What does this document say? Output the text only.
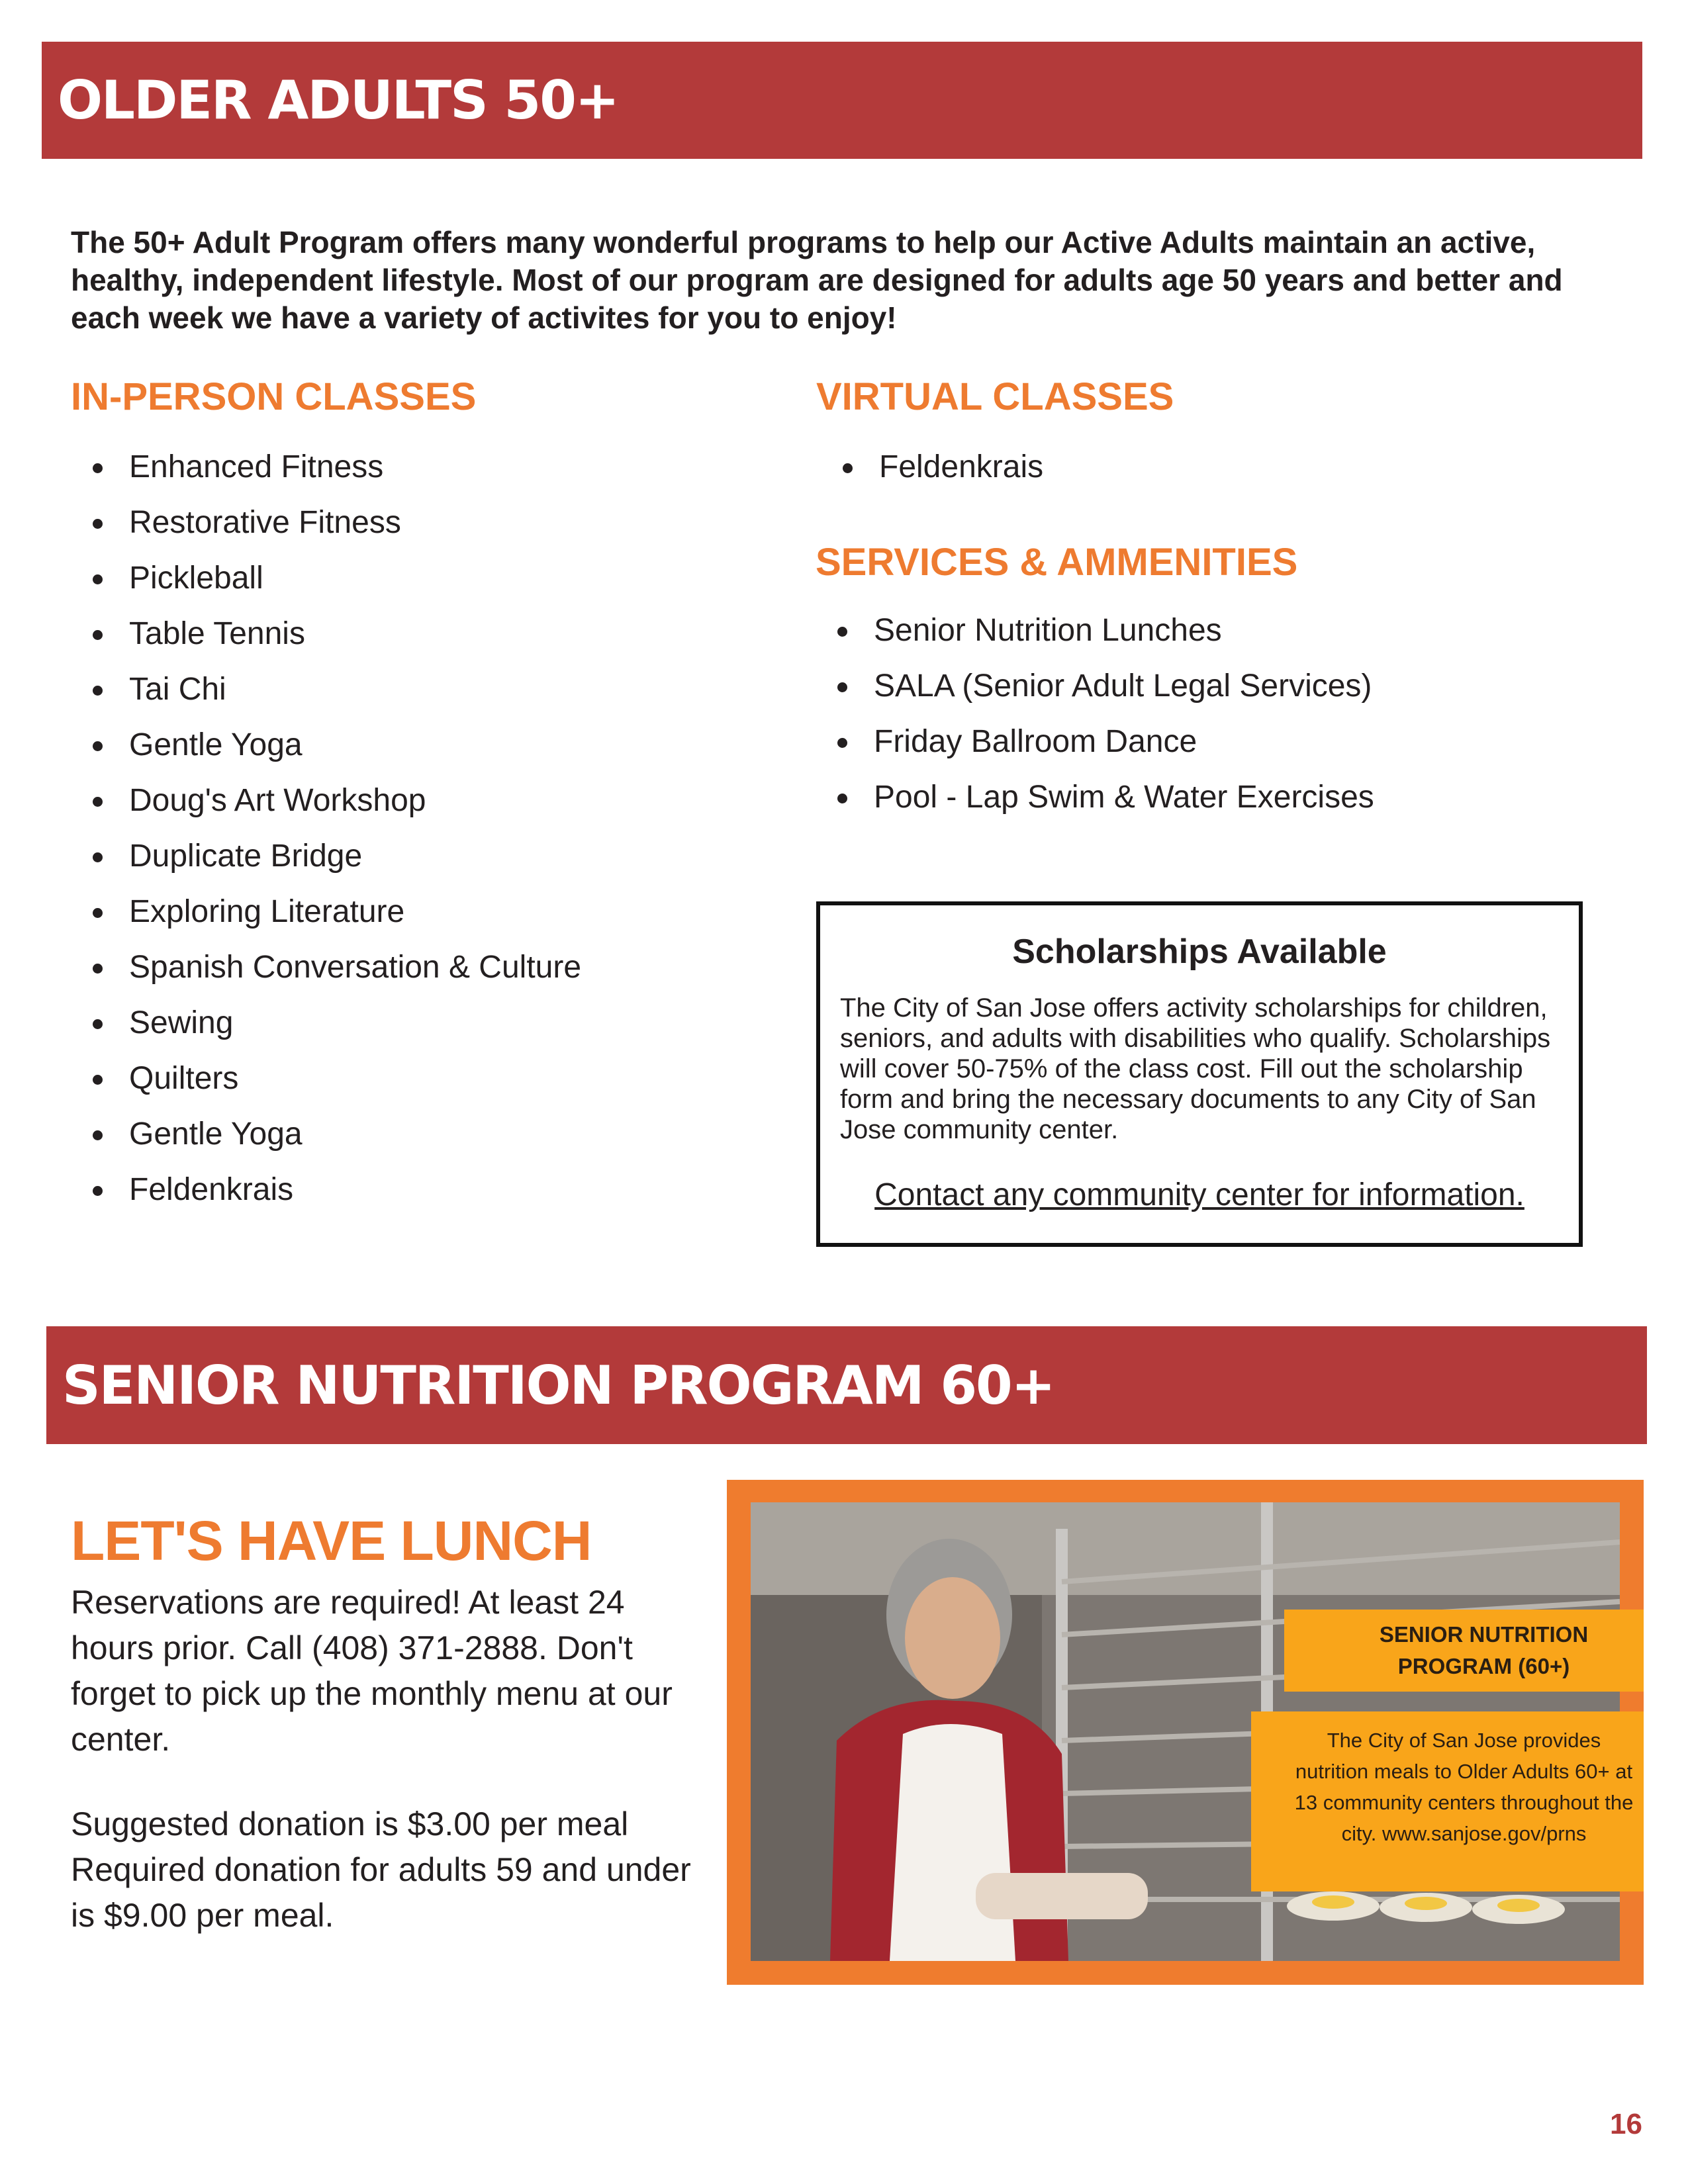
OLDER ADULTS 50+

The 50+ Adult Program offers many wonderful programs to help our Active Adults maintain an active, healthy, independent lifestyle. Most of our program are designed for adults age 50 years and better and each week we have a variety of activites for you to enjoy!

IN-PERSON CLASSES
Enhanced Fitness
Restorative Fitness
Pickleball
Table Tennis
Tai Chi
Gentle Yoga
Doug's Art Workshop
Duplicate Bridge
Exploring Literature
Spanish Conversation & Culture
Sewing
Quilters
Gentle Yoga
Feldenkrais
VIRTUAL CLASSES
Feldenkrais
SERVICES & AMMENITIES
Senior Nutrition Lunches
SALA (Senior Adult Legal Services)
Friday Ballroom Dance
Pool - Lap Swim & Water Exercises

Scholarships Available

The City of San Jose offers activity scholarships for children, seniors, and adults with disabilities who qualify. Scholarships will cover 50-75% of the class cost. Fill out the scholarship form and bring the necessary documents to any City of San Jose community center.

Contact any community center for information.
SENIOR NUTRITION PROGRAM 60+
LET'S HAVE LUNCH

Reservations are required! At least 24 hours prior. Call (408) 371-2888. Don't forget to pick up the monthly menu at our center.

Suggested donation is $3.00 per meal Required donation for adults 59 and under is $9.00 per meal.

SENIOR NUTRITION PROGRAM (60+)
The City of San Jose provides nutrition meals to Older Adults 60+ at 13 community centers throughout the city. www.sanjose.gov/prns
16
